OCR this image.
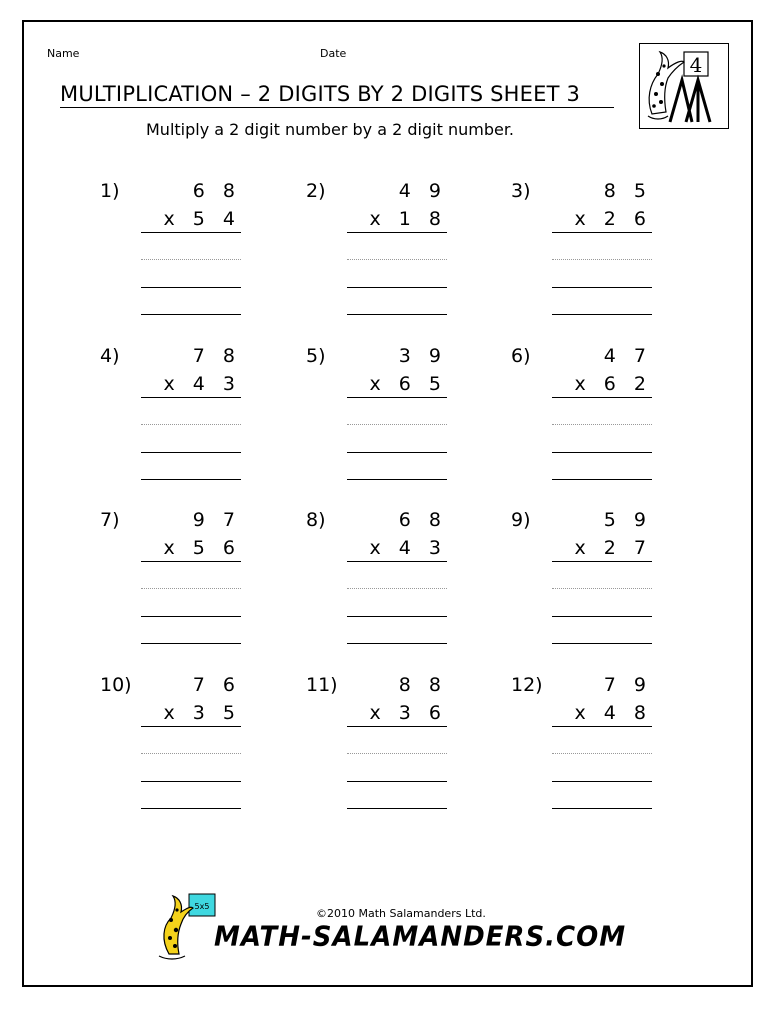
Name	Date
MULTIPLICATION – 2 DIGITS BY 2 DIGITS SHEET 3
Multiply a 2 digit number by a 2 digit number.
4
1)	6 8
x 5 4
2)	4 9
x 1 8
3)	8 5
x 2 6
4)	7 8
x 4 3
5)	3 9
x 6 5
6)	4 7
x 6 2
7)	9 7
x 5 6
8)	6 8
x 4 3
9)	5 9
x 2 7
10)	7 6
x 3 5
11)	8 8
x 3 6
12)	7 9
x 4 8
5x5
©2010 Math Salamanders Ltd.
MATH-SALAMANDERS.COM
